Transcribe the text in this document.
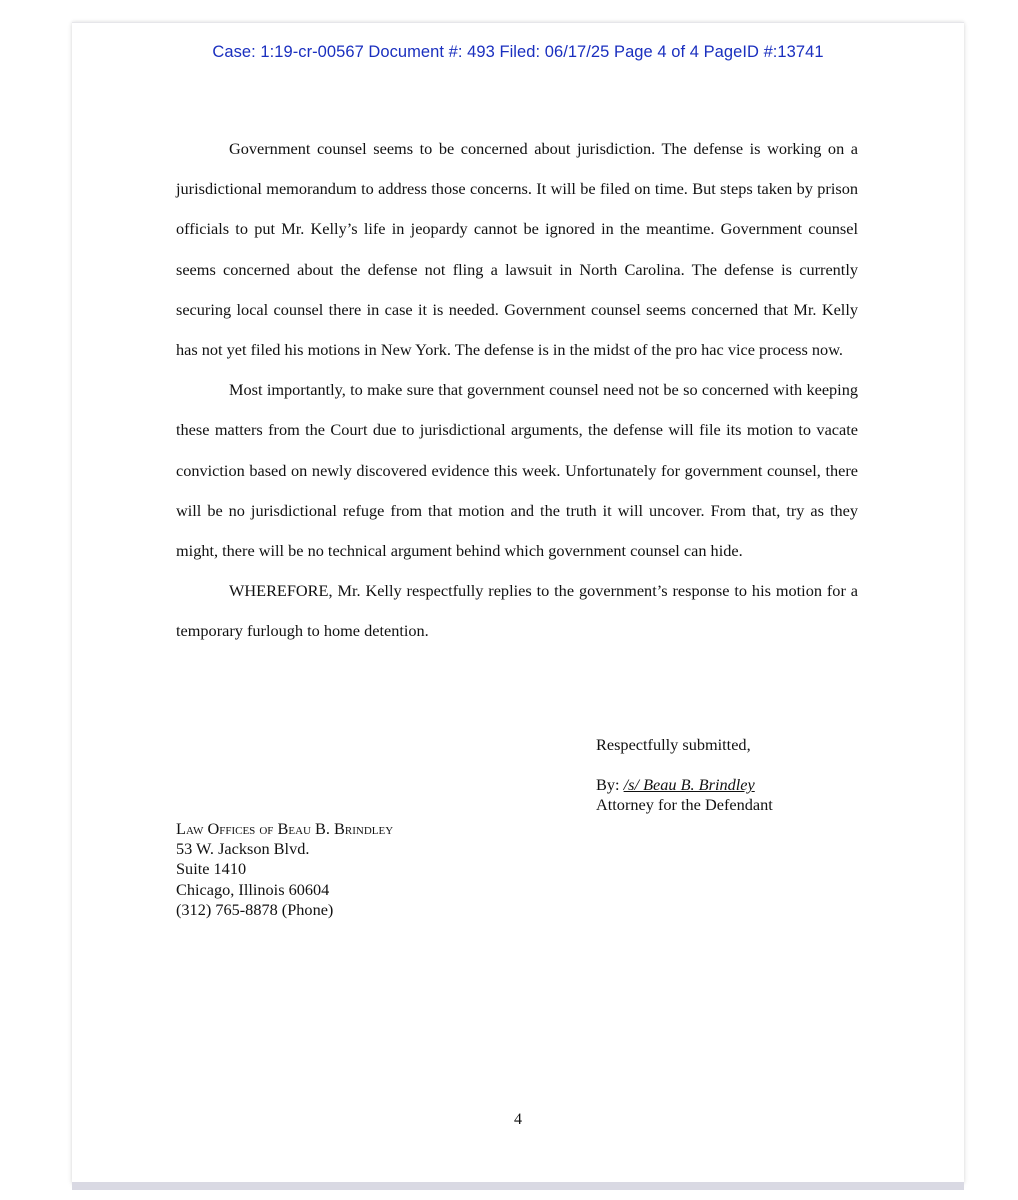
Case: 1:19-cr-00567 Document #: 493 Filed: 06/17/25 Page 4 of 4 PageID #:13741

Government counsel seems to be concerned about jurisdiction. The defense is working on a jurisdictional memorandum to address those concerns. It will be filed on time. But steps taken by prison officials to put Mr. Kelly’s life in jeopardy cannot be ignored in the meantime. Government counsel seems concerned about the defense not fling a lawsuit in North Carolina. The defense is currently securing local counsel there in case it is needed. Government counsel seems concerned that Mr. Kelly has not yet filed his motions in New York. The defense is in the midst of the pro hac vice process now.

Most importantly, to make sure that government counsel need not be so concerned with keeping these matters from the Court due to jurisdictional arguments, the defense will file its motion to vacate conviction based on newly discovered evidence this week. Unfortunately for government counsel, there will be no jurisdictional refuge from that motion and the truth it will uncover. From that, try as they might, there will be no technical argument behind which government counsel can hide.

WHEREFORE, Mr. Kelly respectfully replies to the government’s response to his motion for a temporary furlough to home detention.

Respectfully submitted,
By: /s/ Beau B. Brindley
Attorney for the Defendant
Law Offices of Beau B. Brindley
53 W. Jackson Blvd.
Suite 1410
Chicago, Illinois 60604
(312) 765-8878 (Phone)
4
